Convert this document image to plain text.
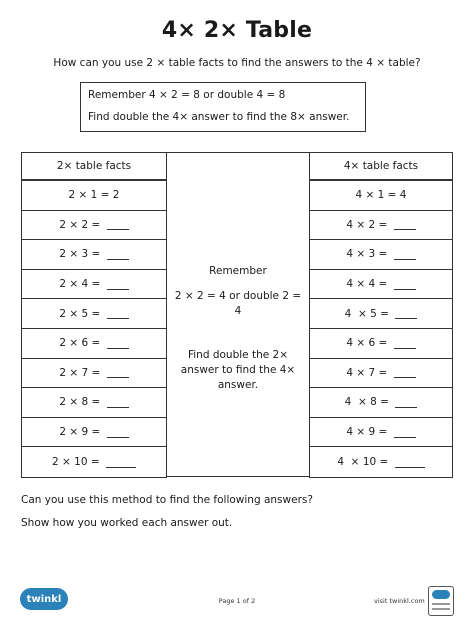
4× 2× Table
How can you use 2 × table facts to find the answers to the 4 × table?
Remember 4 × 2 = 8 or double 4 = 8
Find double the 4× answer to find the 8× answer.
2× table facts
2 × 1 = 2
2 × 2 =
2 × 3 =
2 × 4 =
2 × 5 =
2 × 6 =
2 × 7 =
2 × 8 =
2 × 9 =
2 × 10 =
Remember
2 × 2 = 4 or double 2 = 4
Find double the 2× answer to find the 4× answer.
4× table facts
4 × 1 = 4
4 × 2 =
4 × 3 =
4 × 4 =
4  × 5 =
4 × 6 =
4 × 7 =
4  × 8 =
4 × 9 =
4  × 10 =
Can you use this method to find the following answers?
Show how you worked each answer out.
twinkl	Page 1 of 2	visit twinkl.com
